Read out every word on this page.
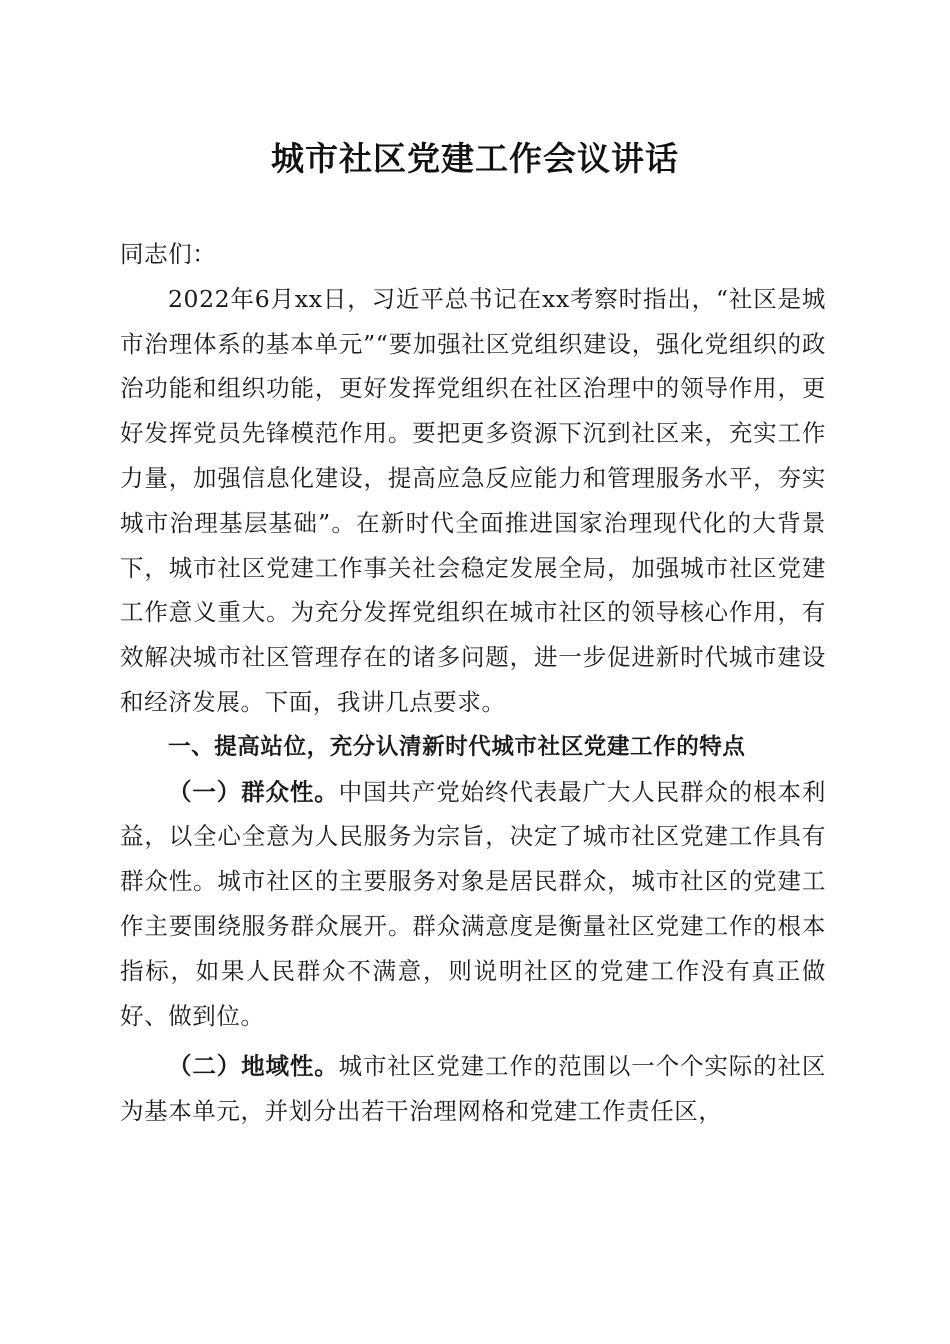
城市社区党建工作会议讲话

同志们：

2022年6月xx日，习近平总书记在xx考察时指出，“社区是城市治理体系的基本单元”“要加强社区党组织建设，强化党组织的政治功能和组织功能，更好发挥党组织在社区治理中的领导作用，更好发挥党员先锋模范作用。要把更多资源下沉到社区来，充实工作力量，加强信息化建设，提高应急反应能力和管理服务水平，夯实城市治理基层基础”。在新时代全面推进国家治理现代化的大背景下，城市社区党建工作事关社会稳定发展全局，加强城市社区党建工作意义重大。为充分发挥党组织在城市社区的领导核心作用，有效解决城市社区管理存在的诸多问题，进一步促进新时代城市建设和经济发展。下面，我讲几点要求。

一、提高站位，充分认清新时代城市社区党建工作的特点

（一）群众性。中国共产党始终代表最广大人民群众的根本利益，以全心全意为人民服务为宗旨，决定了城市社区党建工作具有群众性。城市社区的主要服务对象是居民群众，城市社区的党建工作主要围绕服务群众展开。群众满意度是衡量社区党建工作的根本指标，如果人民群众不满意，则说明社区的党建工作没有真正做好、做到位。

（二）地域性。城市社区党建工作的范围以一个个实际的社区为基本单元，并划分出若干治理网格和党建工作责任区，
